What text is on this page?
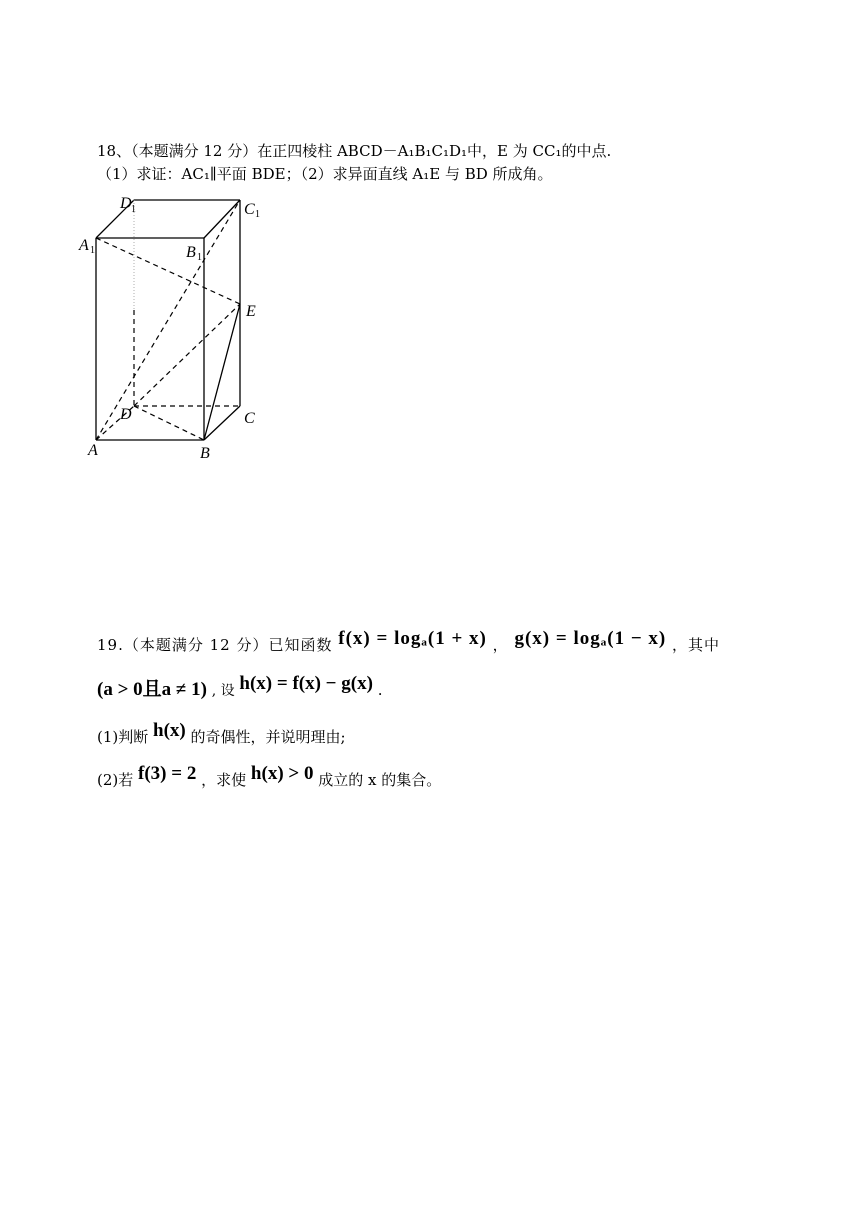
18、（本题满分 12 分）在正四棱柱 ABCD－A₁B₁C₁D₁中，E 为 CC₁的中点.
（1）求证：AC₁∥平面 BDE；（2）求异面直线 A₁E 与 BD 所成角。
D 1	C 1
A 1	B 1
E
D	C
A	B
19.（本题满分 12 分）已知函数 f(x) = logₐ(1 + x) ， g(x) = logₐ(1 − x) ，其中
(a > 0且a ≠ 1) , 设 h(x) = f(x) − g(x) .
(1)判断 h(x) 的奇偶性，并说明理由;
(2)若 f(3) = 2 ，求使 h(x) > 0 成立的 x 的集合。
